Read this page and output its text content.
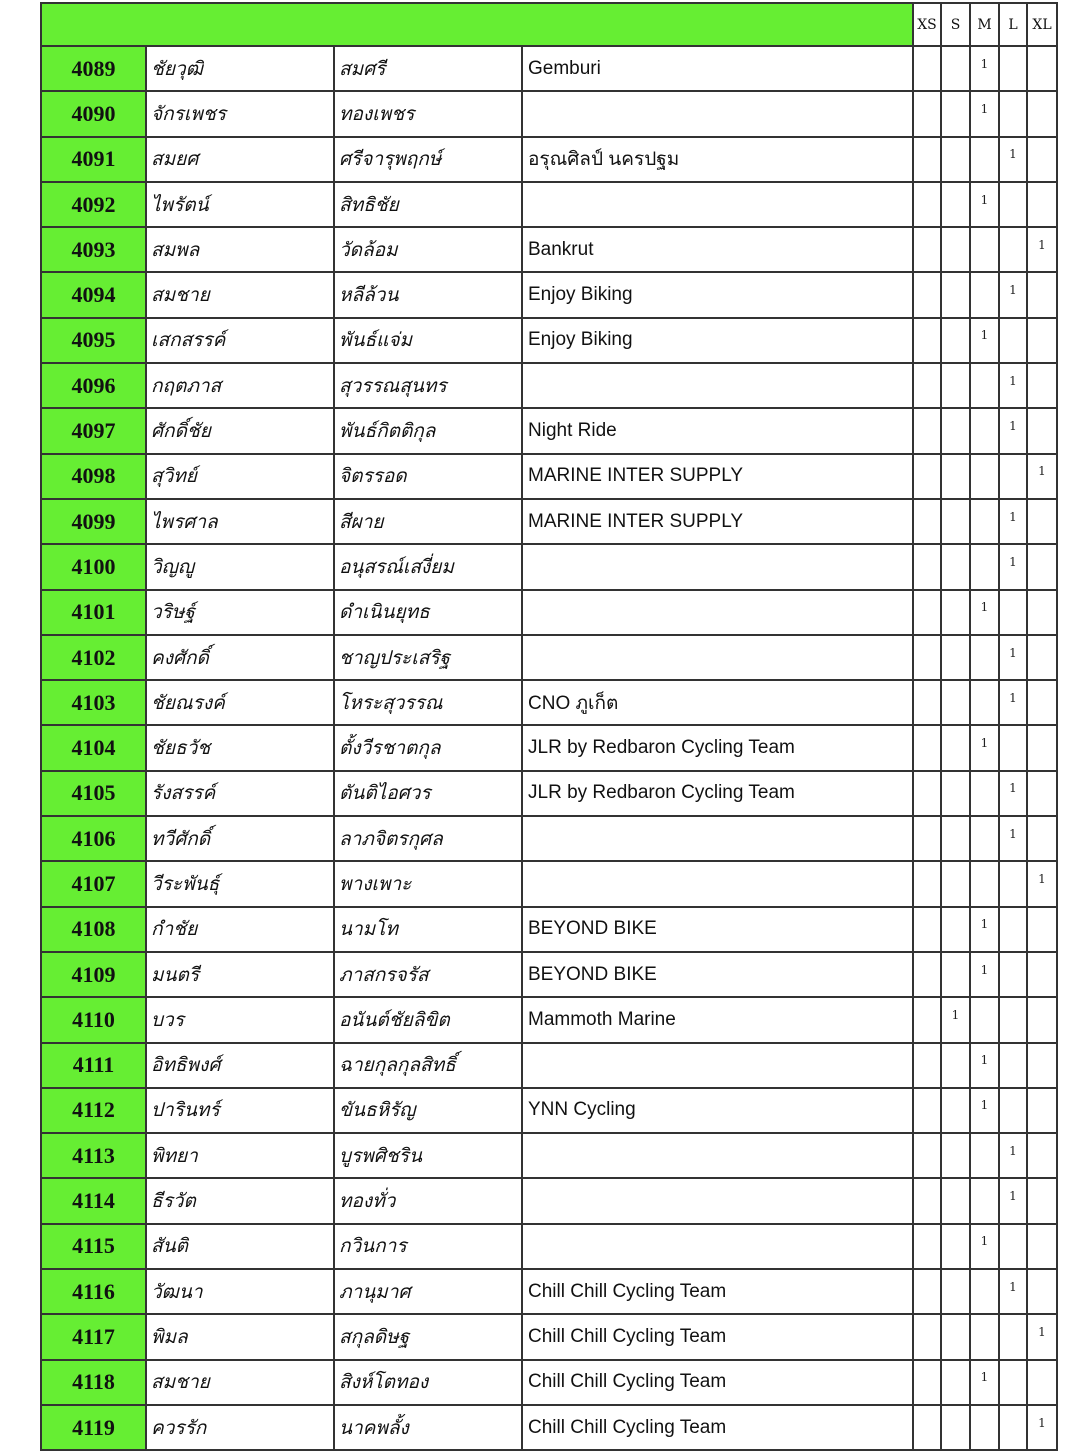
				XS	S	M	L	XL
4089	ชัยวุฒิ	สมศรี	Gemburi			1		
4090	จักรเพชร	ทองเพชร				1		
4091	สมยศ	ศรีจารุพฤกษ์	อรุณศิลป์ นครปฐม				1	
4092	ไพรัตน์	สิทธิชัย				1		
4093	สมพล	วัดล้อม	Bankrut					1
4094	สมชาย	หลีล้วน	Enjoy Biking				1	
4095	เสกสรรค์	พันธ์แจ่ม	Enjoy Biking			1		
4096	กฤตภาส	สุวรรณสุนทร					1	
4097	ศักดิ์ชัย	พันธ์กิตติกุล	Night Ride				1	
4098	สุวิทย์	จิตรรอด	MARINE INTER SUPPLY					1
4099	ไพรศาล	สีผาย	MARINE INTER SUPPLY				1	
4100	วิญญู	อนุสรณ์เสงี่ยม					1	
4101	วริษฐ์	ดำเนินยุทธ				1		
4102	คงศักดิ์	ชาญประเสริฐ					1	
4103	ชัยณรงค์	โหระสุวรรณ	CNO ภูเก็ต				1	
4104	ชัยธวัช	ตั้งวีรชาตกุล	JLR by Redbaron Cycling Team			1		
4105	รังสรรค์	ตันติไอศวร	JLR by Redbaron Cycling Team				1	
4106	ทวีศักดิ์	ลาภจิตรกุศล					1	
4107	วีระพันธุ์	พางเพาะ						1
4108	กำชัย	นามโท	BEYOND BIKE			1		
4109	มนตรี	ภาสกรจรัส	BEYOND BIKE			1		
4110	บวร	อนันต์ชัยลิขิต	Mammoth Marine		1			
4111	อิทธิพงศ์	ฉายกุลกุลสิทธิ์				1		
4112	ปารินทร์	ขันธหิรัญ	YNN Cycling			1		
4113	พิทยา	บูรพศิชริน					1	
4114	ธีรวัต	ทองทั่ว					1	
4115	สันติ	กวินการ				1		
4116	วัฒนา	ภานุมาศ	Chill Chill Cycling Team				1	
4117	พิมล	สกุลดิษฐ	Chill Chill Cycling Team					1
4118	สมชาย	สิงห์โตทอง	Chill Chill Cycling Team			1		
4119	ควรรัก	นาคพลั้ง	Chill Chill Cycling Team					1
